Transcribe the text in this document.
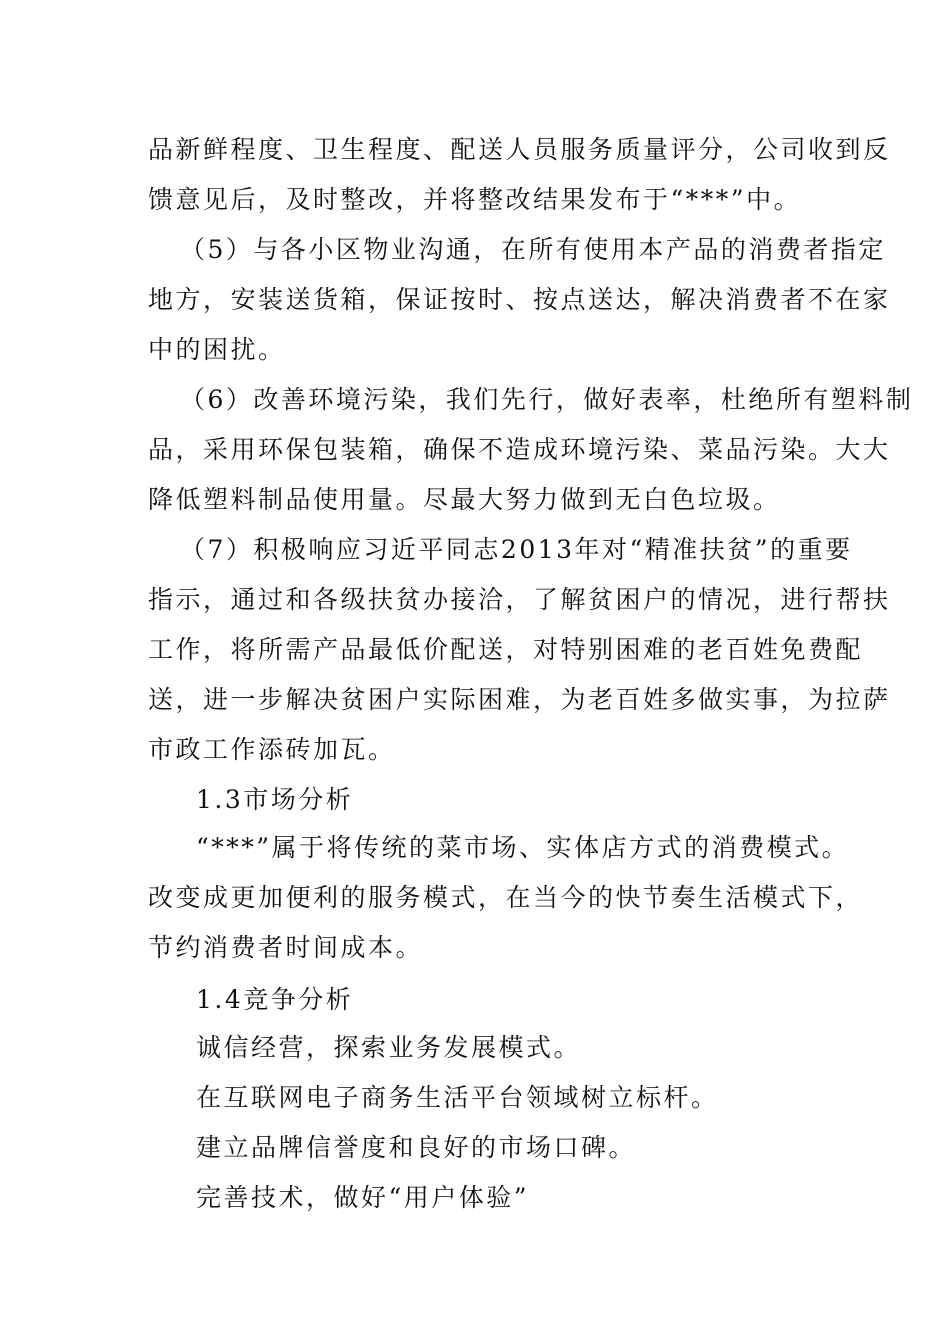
品新鲜程度、卫生程度、配送人员服务质量评分，公司收到反
馈意见后，及时整改，并将整改结果发布于“***”中。
（5）与各小区物业沟通，在所有使用本产品的消费者指定
地方，安装送货箱，保证按时、按点送达，解决消费者不在家
中的困扰。
（6）改善环境污染，我们先行，做好表率，杜绝所有塑料制
品，采用环保包装箱，确保不造成环境污染、菜品污染。大大
降低塑料制品使用量。尽最大努力做到无白色垃圾。
（7）积极响应习近平同志2013年对“精准扶贫”的重要
指示，通过和各级扶贫办接洽，了解贫困户的情况，进行帮扶
工作，将所需产品最低价配送，对特别困难的老百姓免费配
送，进一步解决贫困户实际困难，为老百姓多做实事，为拉萨
市政工作添砖加瓦。
1.3市场分析
“***”属于将传统的菜市场、实体店方式的消费模式。
改变成更加便利的服务模式，在当今的快节奏生活模式下，
节约消费者时间成本。
1.4竞争分析
诚信经营，探索业务发展模式。
在互联网电子商务生活平台领域树立标杆。
建立品牌信誉度和良好的市场口碑。
完善技术，做好“用户体验”
